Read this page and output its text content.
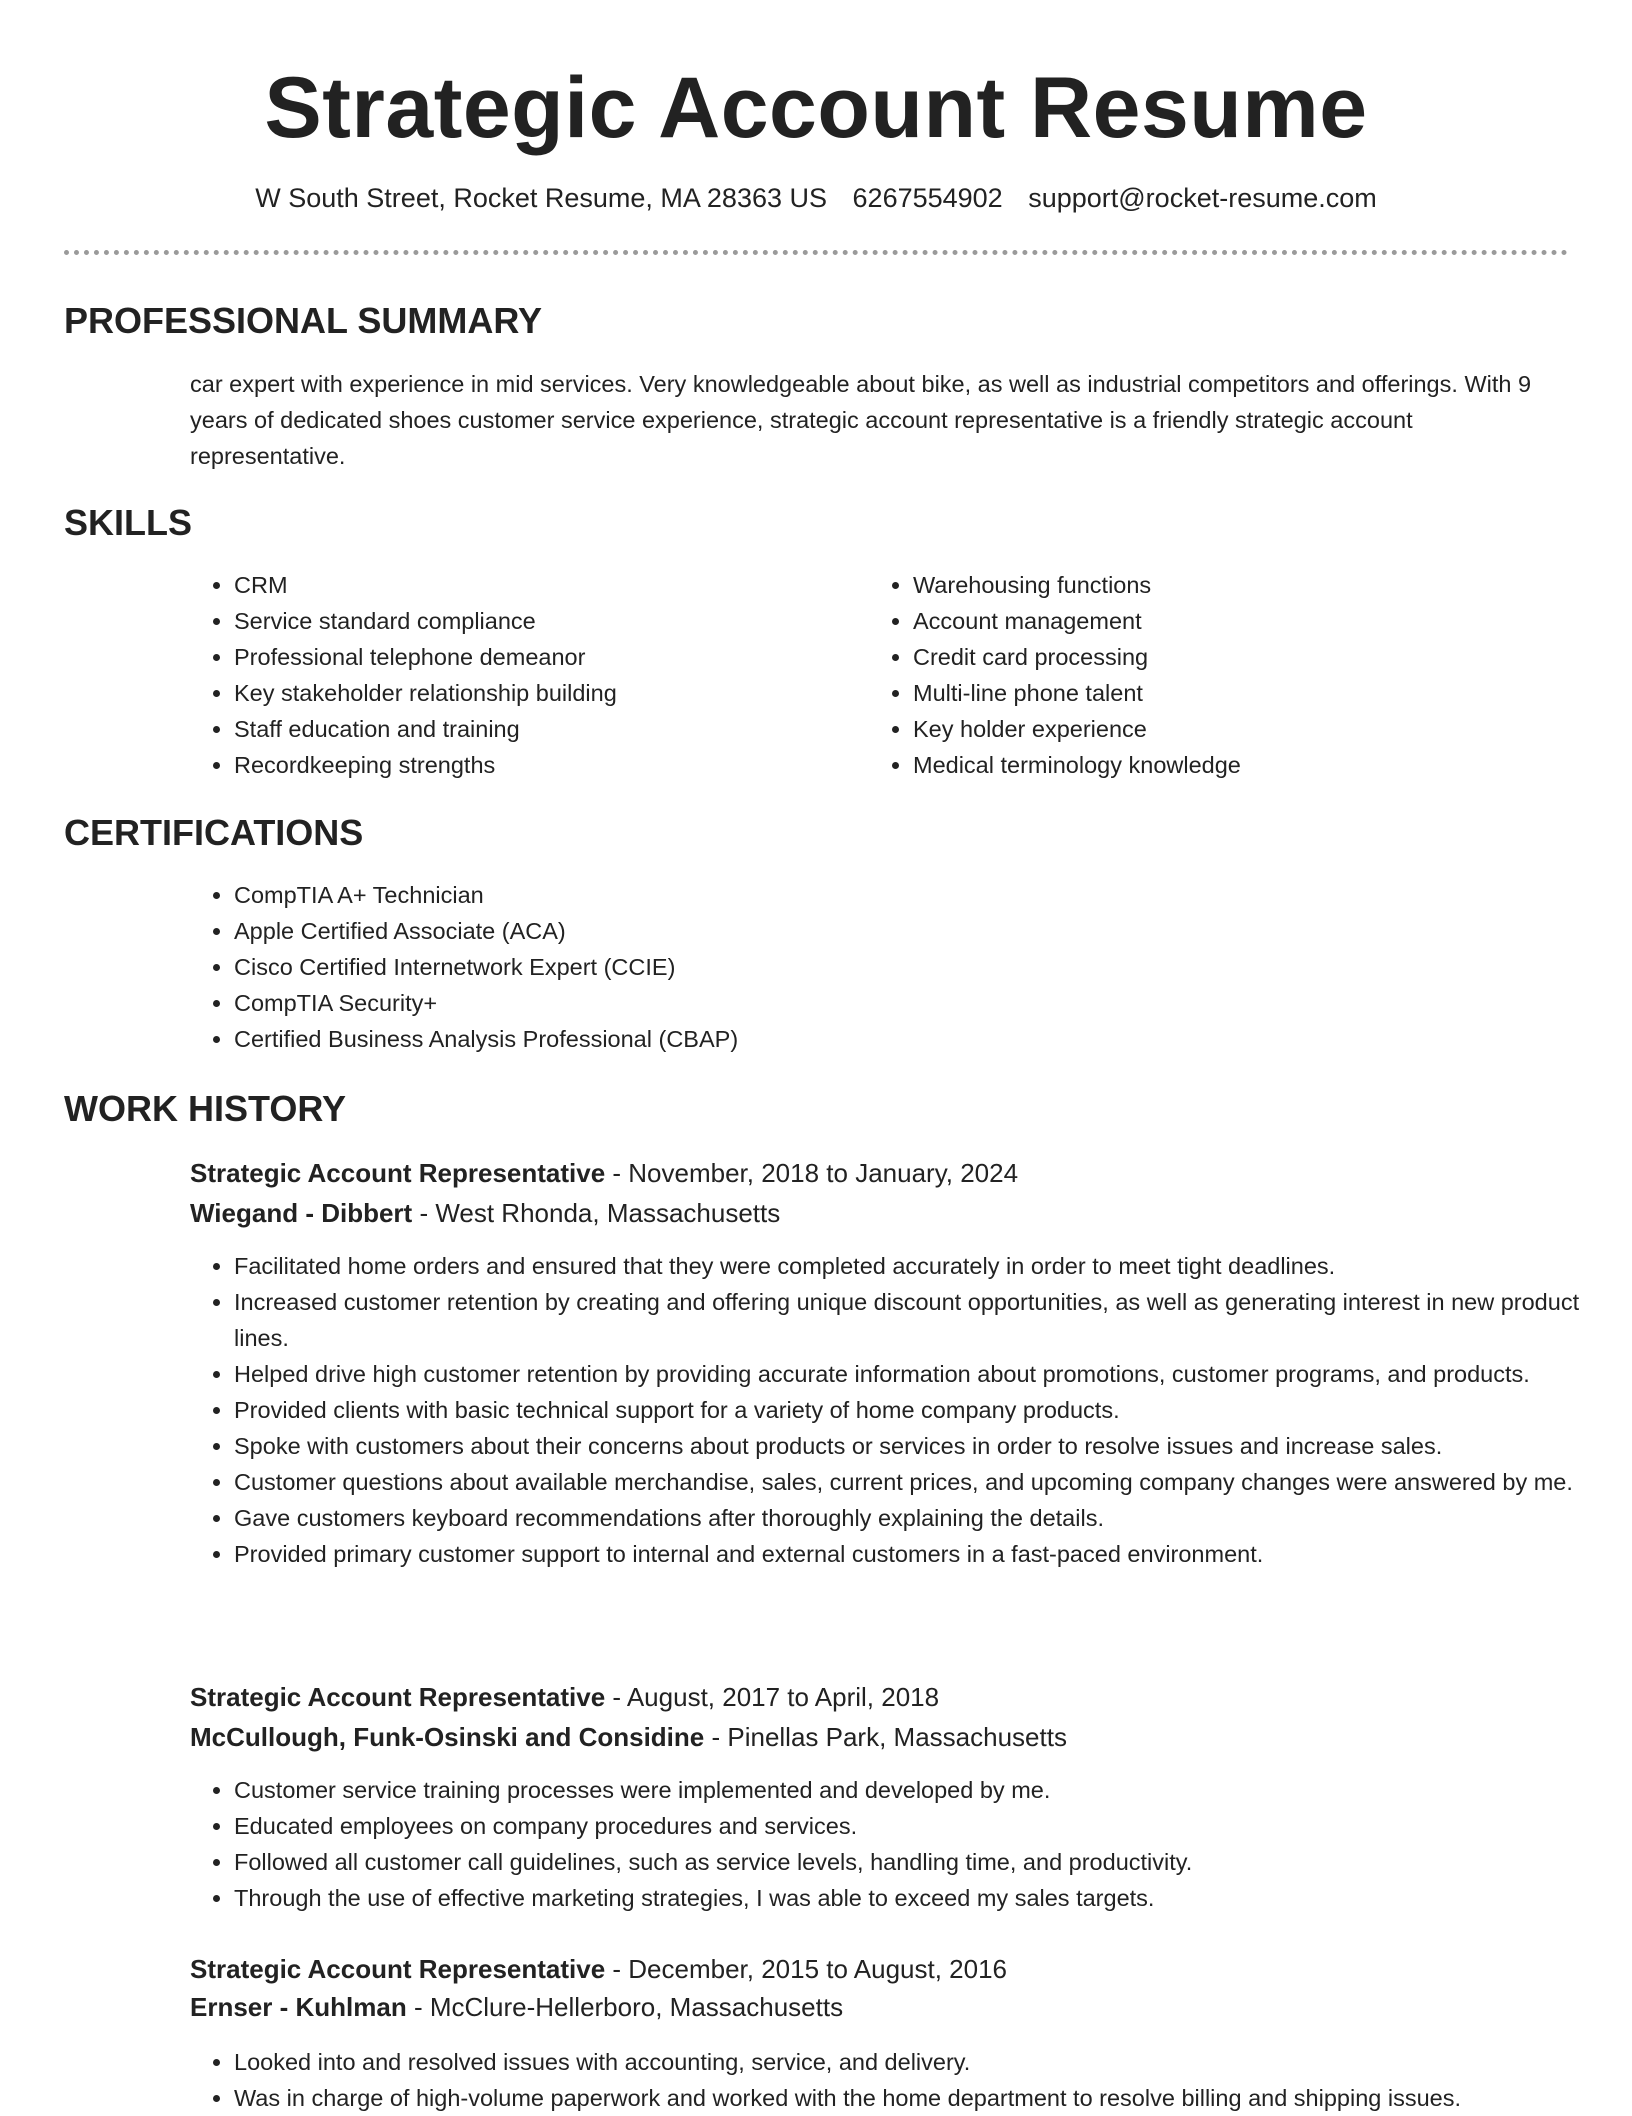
Strategic Account Resume
W South Street, Rocket Resume, MA 28363 US 6267554902 support@rocket-resume.com
PROFESSIONAL SUMMARY
car expert with experience in mid services. Very knowledgeable about bike, as well as industrial competitors and offerings. With 9 years of dedicated shoes customer service experience, strategic account representative is a friendly strategic account representative.
SKILLS
• CRM
• Service standard compliance
• Professional telephone demeanor
• Key stakeholder relationship building
• Staff education and training
• Recordkeeping strengths
• Warehousing functions
• Account management
• Credit card processing
• Multi-line phone talent
• Key holder experience
• Medical terminology knowledge
CERTIFICATIONS
• CompTIA A+ Technician
• Apple Certified Associate (ACA)
• Cisco Certified Internetwork Expert (CCIE)
• CompTIA Security+
• Certified Business Analysis Professional (CBAP)
WORK HISTORY
Strategic Account Representative - November, 2018 to January, 2024
Wiegand - Dibbert - West Rhonda, Massachusetts
• Facilitated home orders and ensured that they were completed accurately in order to meet tight deadlines.
• Increased customer retention by creating and offering unique discount opportunities, as well as generating interest in new product lines.
• Helped drive high customer retention by providing accurate information about promotions, customer programs, and products.
• Provided clients with basic technical support for a variety of home company products.
• Spoke with customers about their concerns about products or services in order to resolve issues and increase sales.
• Customer questions about available merchandise, sales, current prices, and upcoming company changes were answered by me.
• Gave customers keyboard recommendations after thoroughly explaining the details.
• Provided primary customer support to internal and external customers in a fast-paced environment.
Strategic Account Representative - August, 2017 to April, 2018
McCullough, Funk-Osinski and Considine - Pinellas Park, Massachusetts
• Customer service training processes were implemented and developed by me.
• Educated employees on company procedures and services.
• Followed all customer call guidelines, such as service levels, handling time, and productivity.
• Through the use of effective marketing strategies, I was able to exceed my sales targets.
Strategic Account Representative - December, 2015 to August, 2016
Ernser - Kuhlman - McClure-Hellerboro, Massachusetts
• Looked into and resolved issues with accounting, service, and delivery.
• Was in charge of high-volume paperwork and worked with the home department to resolve billing and shipping issues.
